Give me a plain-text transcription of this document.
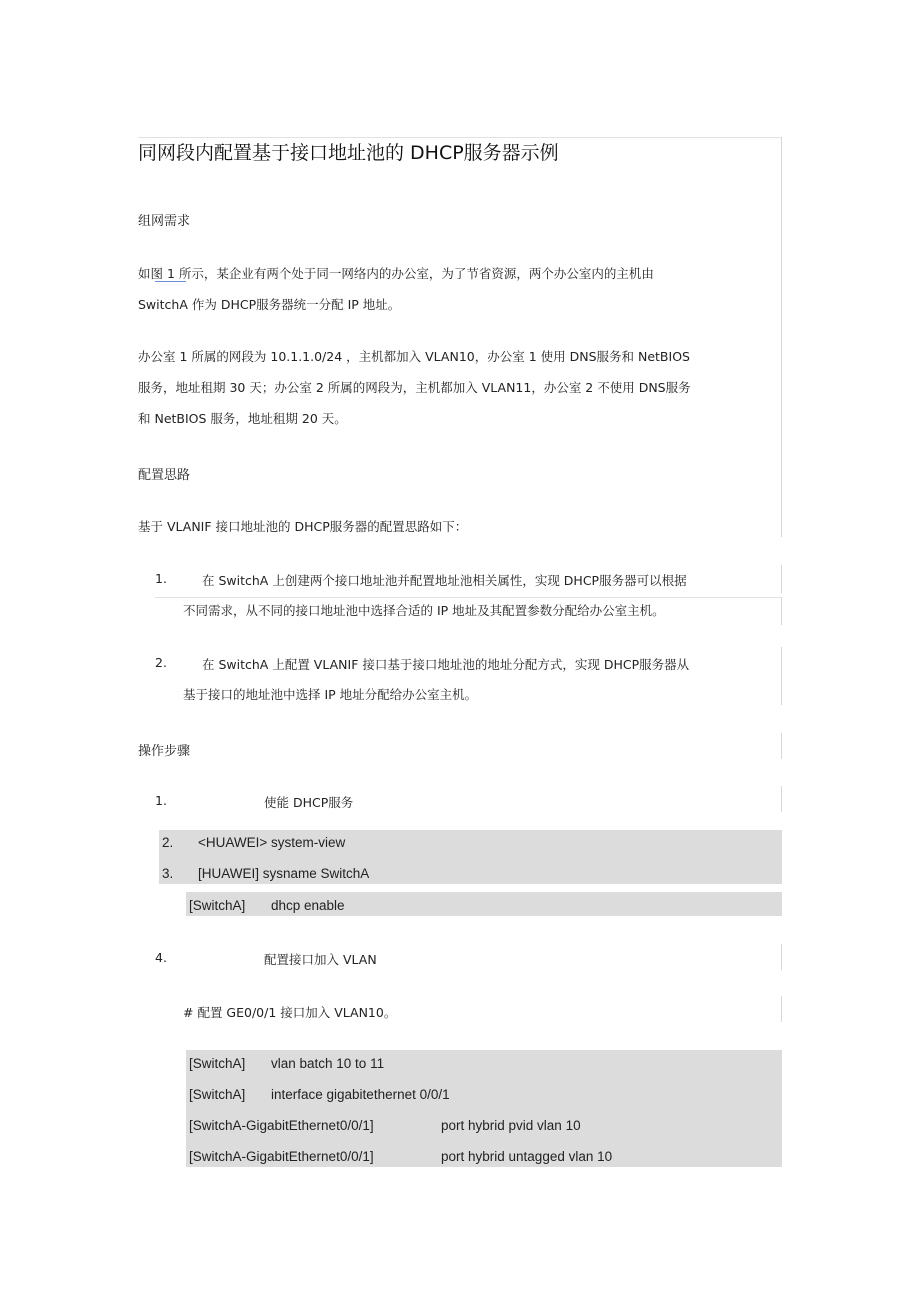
同网段内配置基于接口地址池的 DHCP服务器示例
组网需求
如图 1 所示，某企业有两个处于同一网络内的办公室，为了节省资源，两个办公室内的主机由
SwitchA 作为 DHCP服务器统一分配 IP 地址。
办公室 1 所属的网段为 10.1.1.0/24 ，主机都加入 VLAN10，办公室 1 使用 DNS服务和 NetBIOS
服务，地址租期 30 天；办公室 2 所属的网段为，主机都加入 VLAN11，办公室 2 不使用 DNS服务
和 NetBIOS 服务，地址租期 20 天。
配置思路
基于 VLANIF 接口地址池的 DHCP服务器的配置思路如下：
1.	在 SwitchA 上创建两个接口地址池并配置地址池相关属性，实现 DHCP服务器可以根据
不同需求，从不同的接口地址池中选择合适的 IP 地址及其配置参数分配给办公室主机。
2.	在 SwitchA 上配置 VLANIF 接口基于接口地址池的地址分配方式，实现 DHCP服务器从
基于接口的地址池中选择 IP 地址分配给办公室主机。
操作步骤
1.	使能 DHCP服务
2. <HUAWEI> system-view
3. [HUAWEI] sysname SwitchA
[SwitchA] dhcp enable
4.	配置接口加入 VLAN
# 配置 GE0/0/1 接口加入 VLAN10。
[SwitchA] vlan batch 10 to 11
[SwitchA] interface gigabitethernet 0/0/1
[SwitchA-GigabitEthernet0/0/1]	port hybrid pvid vlan 10
[SwitchA-GigabitEthernet0/0/1]	port hybrid untagged vlan 10
